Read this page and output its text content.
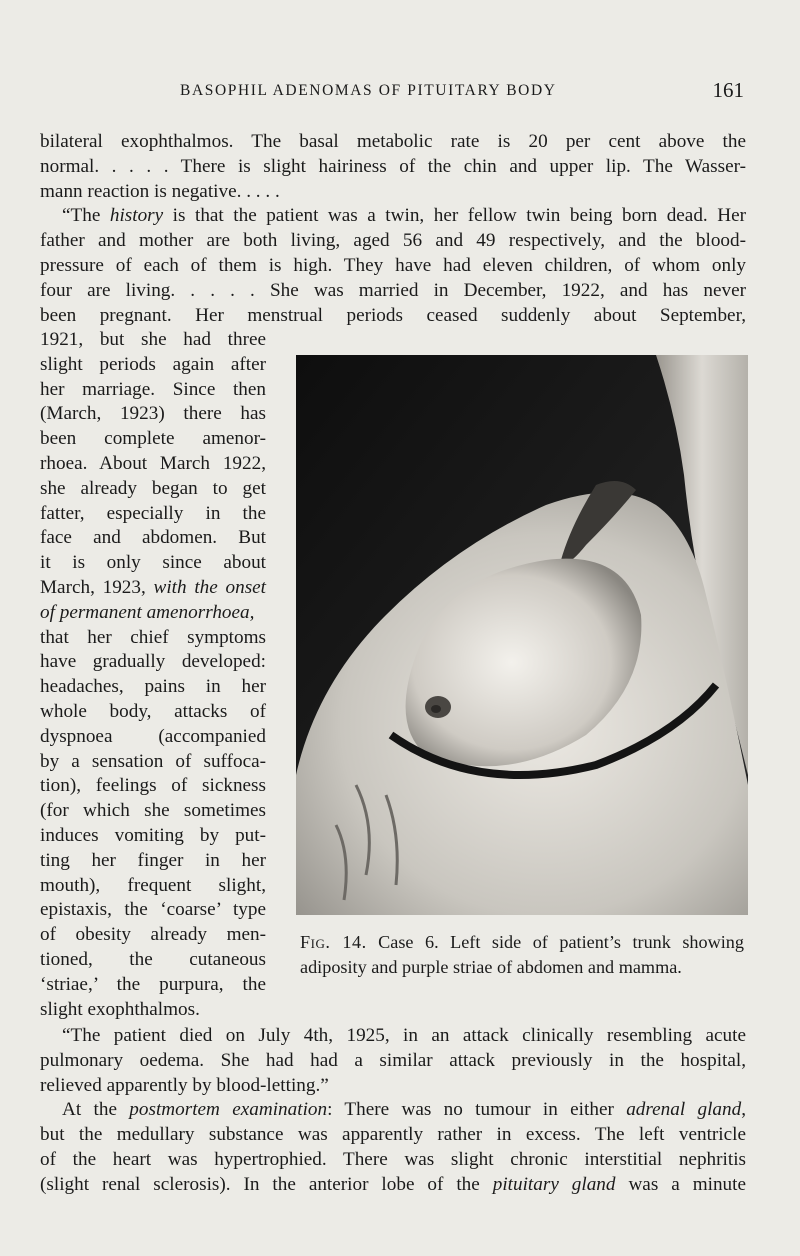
BASOPHIL ADENOMAS OF PITUITARY BODY	161

bilateral exophthalmos. The basal metabolic rate is 20 per cent above the

normal. . . . . There is slight hairiness of the chin and upper lip. The Wasser-

mann reaction is negative. . . . .

“The history is that the patient was a twin, her fellow twin being born dead. Her

father and mother are both living, aged 56 and 49 respectively, and the blood-

pressure of each of them is high. They have had eleven children, of whom only

four are living. . . . . She was married in December, 1922, and has never

been pregnant. Her menstrual periods ceased suddenly about September,

1921, but she had three

slight periods again after

her marriage. Since then

(March, 1923) there has

been complete amenor-

rhoea. About March 1922,

she already began to get

fatter, especially in the

face and abdomen. But

it is only since about

March, 1923, with the onset

of permanent amenorrhoea,

that her chief symptoms

have gradually developed:

headaches, pains in her

whole body, attacks of

dyspnoea (accompanied

by a sensation of suffoca-

tion), feelings of sickness

(for which she sometimes

induces vomiting by put-

ting her finger in her

mouth), frequent slight,

epistaxis, the ‘coarse’ type

of obesity already men-

tioned, the cutaneous

‘striae,’ the purpura, the

slight exophthalmos.

Fig. 14. Case 6. Left side of patient’s trunk showing adiposity and purple striae of abdomen and mamma.

“The patient died on July 4th, 1925, in an attack clinically resembling acute

pulmonary oedema. She had had a similar attack previously in the hospital,

relieved apparently by blood-letting.”

At the postmortem examination: There was no tumour in either adrenal gland,

but the medullary substance was apparently rather in excess. The left ventricle

of the heart was hypertrophied. There was slight chronic interstitial nephritis

(slight renal sclerosis). In the anterior lobe of the pituitary gland was a minute
